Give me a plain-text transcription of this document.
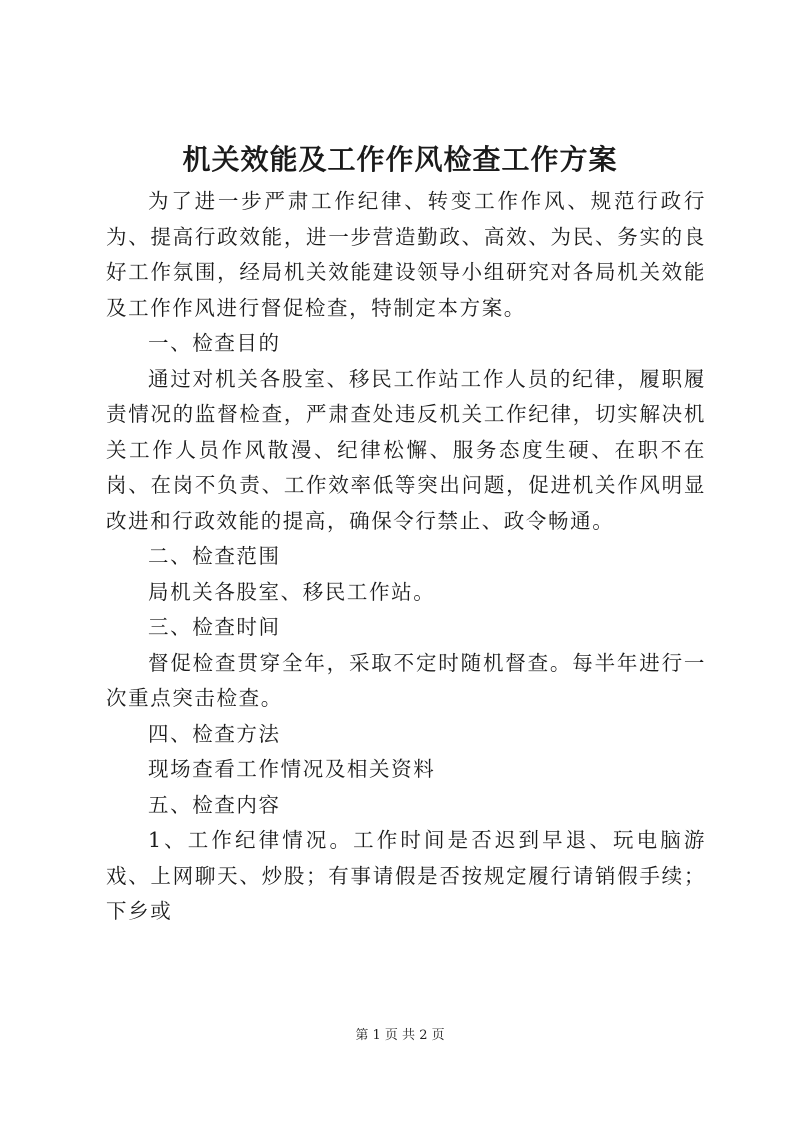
机关效能及工作作风检查工作方案

为了进一步严肃工作纪律、转变工作作风、规范行政行为、提高行政效能，进一步营造勤政、高效、为民、务实的良好工作氛围，经局机关效能建设领导小组研究对各局机关效能及工作作风进行督促检查，特制定本方案。

一、检查目的

通过对机关各股室、移民工作站工作人员的纪律，履职履责情况的监督检查，严肃查处违反机关工作纪律，切实解决机关工作人员作风散漫、纪律松懈、服务态度生硬、在职不在岗、在岗不负责、工作效率低等突出问题，促进机关作风明显改进和行政效能的提高，确保令行禁止、政令畅通。

二、检查范围

局机关各股室、移民工作站。

三、检查时间

督促检查贯穿全年，采取不定时随机督查。每半年进行一次重点突击检查。

四、检查方法

现场查看工作情况及相关资料

五、检查内容

1、工作纪律情况。工作时间是否迟到早退、玩电脑游戏、上网聊天、炒股；有事请假是否按规定履行请销假手续；下乡或

第 1 页 共 2 页
